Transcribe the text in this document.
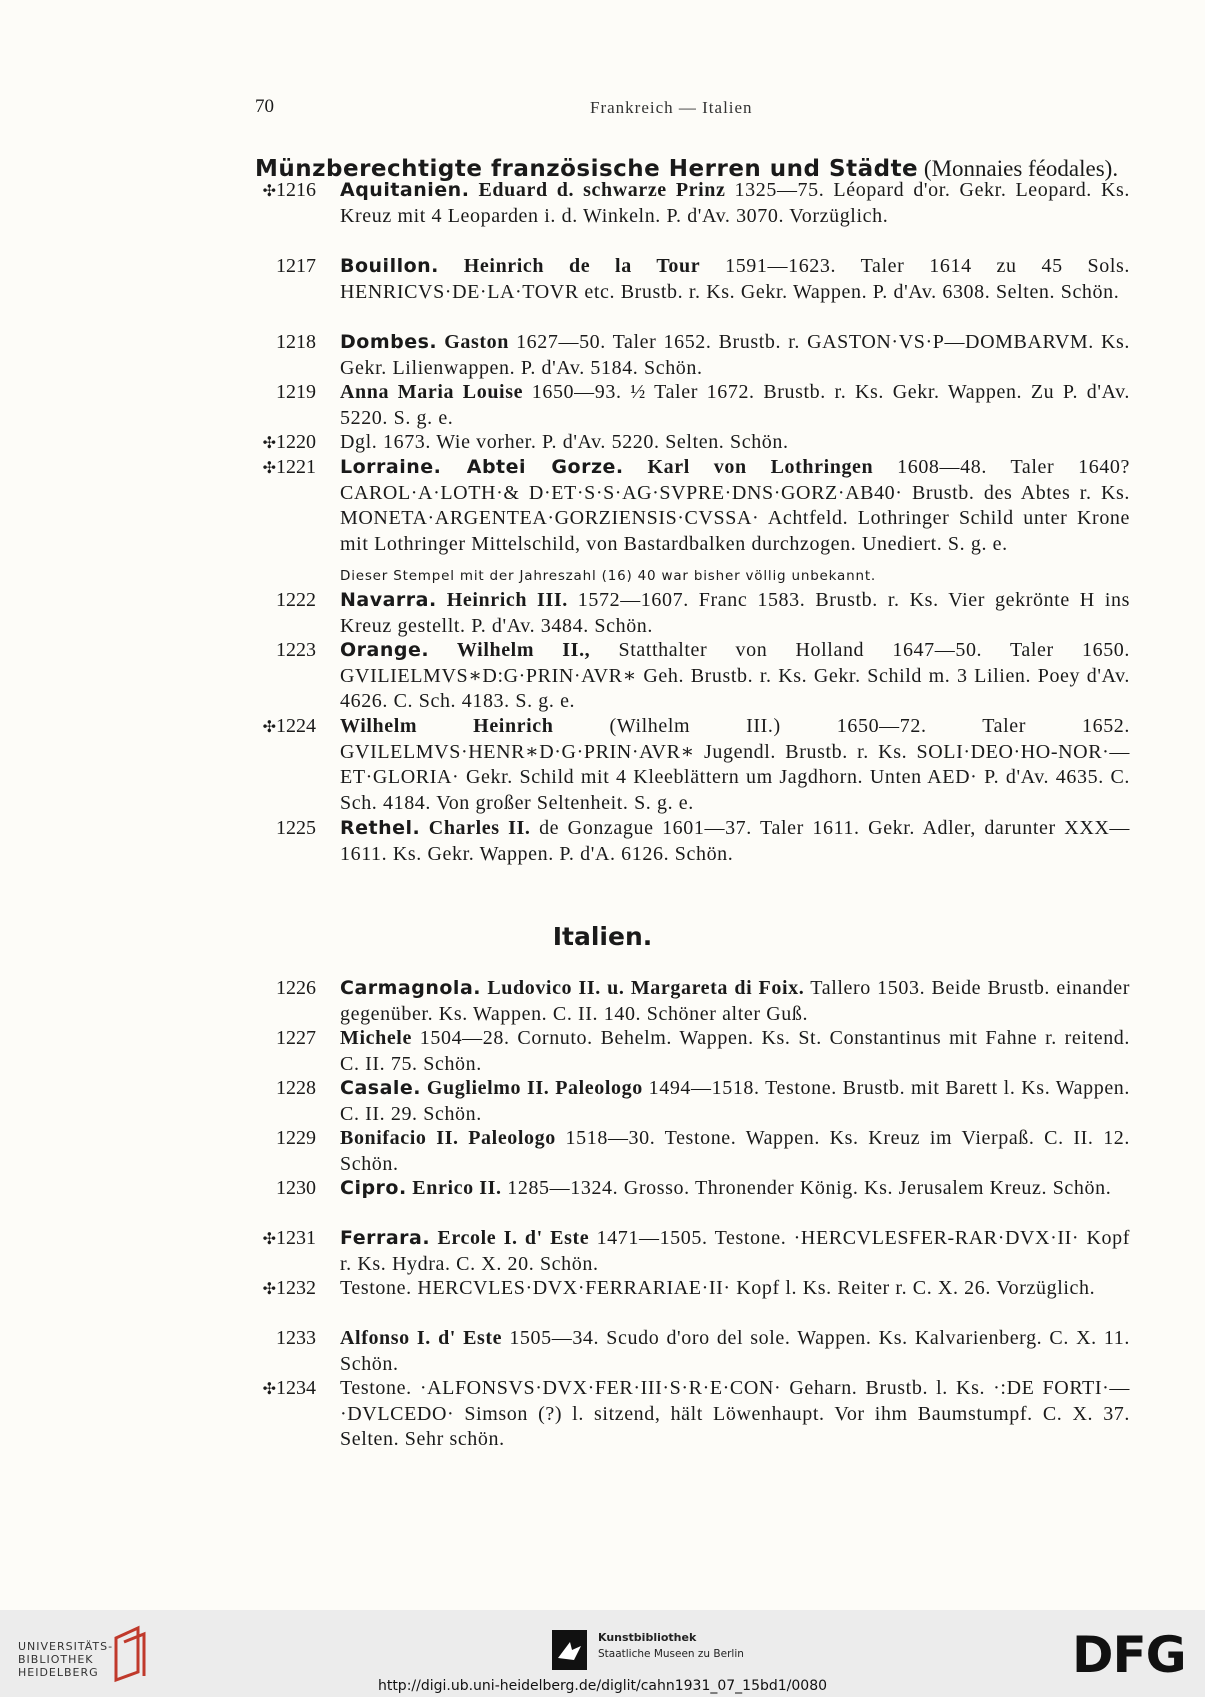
70	Frankreich — Italien
Münzberechtigte französische Herren und Städte (Monnaies féodales).
✣1216 Aquitanien. Eduard d. schwarze Prinz 1325—75. Léopard d'or. Gekr. Leopard. Ks. Kreuz mit 4 Leoparden i. d. Winkeln. P. d'Av. 3070. Vorzüglich.
1217 Bouillon. Heinrich de la Tour 1591—1623. Taler 1614 zu 45 Sols. HENRICVS·DE·LA·TOVR etc. Brustb. r. Ks. Gekr. Wappen. P. d'Av. 6308. Selten. Schön.
1218 Dombes. Gaston 1627—50. Taler 1652. Brustb. r. GASTON·VS·P—DOMBARVM. Ks. Gekr. Lilienwappen. P. d'Av. 5184. Schön.
1219 Anna Maria Louise 1650—93. ½ Taler 1672. Brustb. r. Ks. Gekr. Wappen. Zu P. d'Av. 5220. S. g. e.
✣1220 Dgl. 1673. Wie vorher. P. d'Av. 5220. Selten. Schön.
✣1221 Lorraine. Abtei Gorze. Karl von Lothringen 1608—48. Taler 1640? CAROL·A·LOTH·& D·ET·S·S·AG·SVPRE·DNS·GORZ·AB40· Brustb. des Abtes r. Ks. MONETA·ARGENTEA·GORZIENSIS·CVSSA· Achtfeld. Lothringer Schild unter Krone mit Lothringer Mittelschild, von Bastardbalken durchzogen. Unediert. S. g. e.
Dieser Stempel mit der Jahreszahl (16) 40 war bisher völlig unbekannt.
1222 Navarra. Heinrich III. 1572—1607. Franc 1583. Brustb. r. Ks. Vier gekrönte H ins Kreuz gestellt. P. d'Av. 3484. Schön.
1223 Orange. Wilhelm II., Statthalter von Holland 1647—50. Taler 1650. GVILIELMVS∗D:G·PRIN·AVR∗ Geh. Brustb. r. Ks. Gekr. Schild m. 3 Lilien. Poey d'Av. 4626. C. Sch. 4183. S. g. e.
✣1224 Wilhelm Heinrich (Wilhelm III.) 1650—72. Taler 1652. GVILELMVS·HENR∗D·G·PRIN·AVR∗ Jugendl. Brustb. r. Ks. SOLI·DEO·HO-NOR·—ET·GLORIA· Gekr. Schild mit 4 Kleeblättern um Jagdhorn. Unten AED· P. d'Av. 4635. C. Sch. 4184. Von großer Seltenheit. S. g. e.
1225 Rethel. Charles II. de Gonzague 1601—37. Taler 1611. Gekr. Adler, darunter XXX—1611. Ks. Gekr. Wappen. P. d'A. 6126. Schön.
Italien.
1226 Carmagnola. Ludovico II. u. Margareta di Foix. Tallero 1503. Beide Brustb. einander gegenüber. Ks. Wappen. C. II. 140. Schöner alter Guß.
1227 Michele 1504—28. Cornuto. Behelm. Wappen. Ks. St. Constantinus mit Fahne r. reitend. C. II. 75. Schön.
1228 Casale. Guglielmo II. Paleologo 1494—1518. Testone. Brustb. mit Barett l. Ks. Wappen. C. II. 29. Schön.
1229 Bonifacio II. Paleologo 1518—30. Testone. Wappen. Ks. Kreuz im Vierpaß. C. II. 12. Schön.
1230 Cipro. Enrico II. 1285—1324. Grosso. Thronender König. Ks. Jerusalem Kreuz. Schön.
✣1231 Ferrara. Ercole I. d' Este 1471—1505. Testone. ·HERCVLESFER-RAR·DVX·II· Kopf r. Ks. Hydra. C. X. 20. Schön.
✣1232 Testone. HERCVLES·DVX·FERRARIAE·II· Kopf l. Ks. Reiter r. C. X. 26. Vorzüglich.
1233 Alfonso I. d' Este 1505—34. Scudo d'oro del sole. Wappen. Ks. Kalvarienberg. C. X. 11. Schön.
✣1234 Testone. ·ALFONSVS·DVX·FER·III·S·R·E·CON· Geharn. Brustb. l. Ks. ·:DE FORTI·—·DVLCEDO· Simson (?) l. sitzend, hält Löwenhaupt. Vor ihm Baumstumpf. C. X. 37. Selten. Sehr schön.
UNIVERSITÄTS-
BIBLIOTHEK
HEIDELBERG
Kunstbibliothek
Staatliche Museen zu Berlin	DFG
http://digi.ub.uni-heidelberg.de/diglit/cahn1931_07_15bd1/0080
